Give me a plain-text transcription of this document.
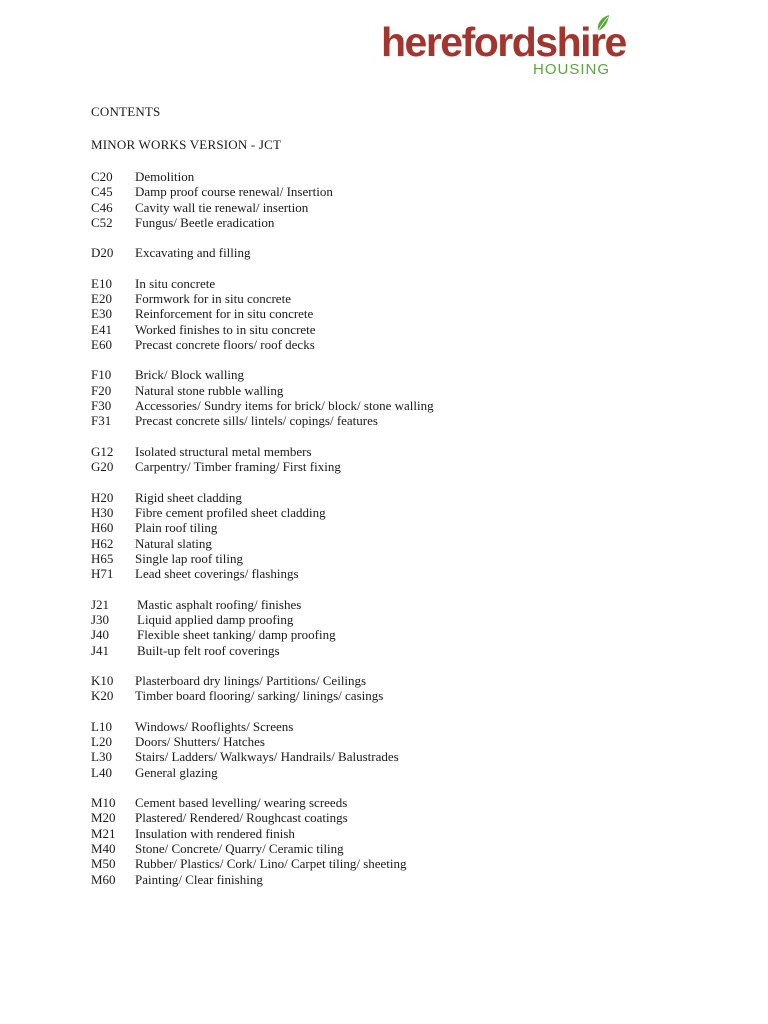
herefordshire
HOUSING

CONTENTS

MINOR WORKS VERSION - JCT

C20	Demolition
C45	Damp proof course renewal/ Insertion
C46	Cavity wall tie renewal/ insertion
C52	Fungus/ Beetle eradication
D20	Excavating and filling
E10	In situ concrete
E20	Formwork for in situ concrete
E30	Reinforcement for in situ concrete
E41	Worked finishes to in situ concrete
E60	Precast concrete floors/ roof decks
F10	Brick/ Block walling
F20	Natural stone rubble walling
F30	Accessories/ Sundry items for brick/ block/ stone walling
F31	Precast concrete sills/ lintels/ copings/ features
G12	Isolated structural metal members
G20	Carpentry/ Timber framing/ First fixing
H20	Rigid sheet cladding
H30	Fibre cement profiled sheet cladding
H60	Plain roof tiling
H62	Natural slating
H65	Single lap roof tiling
H71	Lead sheet coverings/ flashings
J21	Mastic asphalt roofing/ finishes
J30	Liquid applied damp proofing
J40	Flexible sheet tanking/ damp proofing
J41	Built-up felt roof coverings
K10	Plasterboard dry linings/ Partitions/ Ceilings
K20	Timber board flooring/ sarking/ linings/ casings
L10	Windows/ Rooflights/ Screens
L20	Doors/ Shutters/ Hatches
L30	Stairs/ Ladders/ Walkways/ Handrails/ Balustrades
L40	General glazing
M10	Cement based levelling/ wearing screeds
M20	Plastered/ Rendered/ Roughcast coatings
M21	Insulation with rendered finish
M40	Stone/ Concrete/ Quarry/ Ceramic tiling
M50	Rubber/ Plastics/ Cork/ Lino/ Carpet tiling/ sheeting
M60	Painting/ Clear finishing
